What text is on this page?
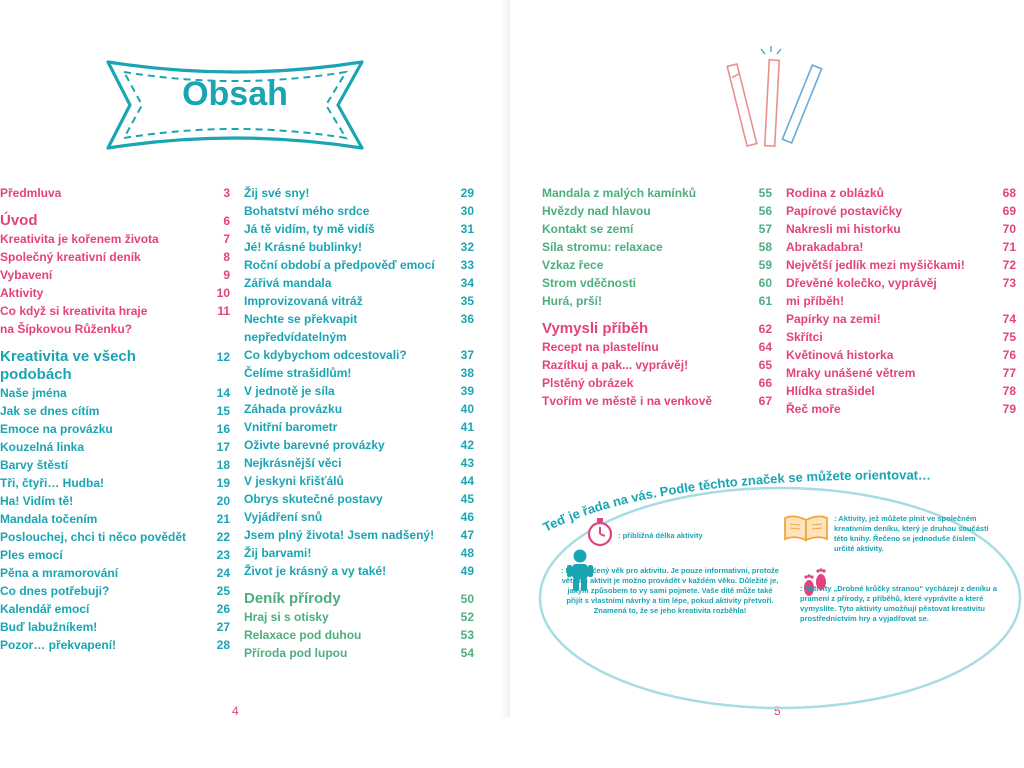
Obsah
Předmluva	3
Úvod	6
Kreativita je kořenem života	7
Společný kreativní deník	8
Vybavení	9
Aktivity	10
Co když si kreativita hraje
na Šípkovou Růženku?
11
Kreativita ve všech
podobách
12
Naše jména	14
Jak se dnes cítím	15
Emoce na provázku	16
Kouzelná linka	17
Barvy štěstí	18
Tři, čtyři… Hudba!	19
Ha! Vidím tě!	20
Mandala točením	21
Poslouchej, chci ti něco povědět	22
Ples emocí	23
Pěna a mramorování	24
Co dnes potřebuji?	25
Kalendář emocí	26
Buď labužníkem!	27
Pozor… překvapení!	28
Žij své sny!	29
Bohatství mého srdce	30
Já tě vidím, ty mě vidíš	31
Jé! Krásné bublinky!	32
Roční období a předpověď emocí	33
Zářivá mandala	34
Improvizovaná vitráž	35
Nechte se překvapit
nepředvídatelným
36
Co kdybychom odcestovali?	37
Čelíme strašidlům!	38
V jednotě je síla	39
Záhada provázku	40
Vnitřní barometr	41
Oživte barevné provázky	42
Nejkrásnější věci	43
V jeskyni křišťálů	44
Obrys skutečné postavy	45
Vyjádření snů	46
Jsem plný života! Jsem nadšený!	47
Žij barvami!	48
Život je krásný a vy také!	49
Deník přírody	50
Hraj si s otisky	52
Relaxace pod duhou	53
Příroda pod lupou	54
4
Mandala z malých kamínků	55
Hvězdy nad hlavou	56
Kontakt se zemí	57
Síla stromu: relaxace	58
Vzkaz řece	59
Strom vděčnosti	60
Hurá, prší!	61
Vymysli příběh	62
Recept na plastelínu	64
Razítkuj a pak... vyprávěj!	65
Plstěný obrázek	66
Tvořím ve městě i na venkově	67
Rodina z oblázků	68
Papírové postavičky	69
Nakresli mi historku	70
Abrakadabra!	71
Největší jedlík mezi myšičkami!	72
Dřevěné kolečko, vyprávěj
mi příběh!
73
Papírky na zemi!	74
Skřítci	75
Květinová historka	76
Mraky unášené větrem	77
Hlídka strašidel	78
Řeč moře	79
5
Teď je řada na vás. Podle těchto značek se můžete orientovat…
: přibližná délka aktivity
: Doporučený věk pro aktivitu. Je pouze informativní, protože většinu aktivit je možno provádět v každém věku. Důležité je, jakým způsobem to vy sami pojmete. Vaše dítě může také přijít s vlastními návrhy a tím lépe, pokud aktivity přetvoří. Znamená to, že se jeho kreativita rozběhla!
: Aktivity, jež můžete plnit ve společném kreativním deníku, který je druhou součástí této knihy. Řečeno se jednoduše číslem určité aktivity.
: Aktivity „Drobné krůčky stranou“ vycházejí z deníku a pramení z přírody, z příběhů, které vyprávíte a které vymyslíte. Tyto aktivity umožňují pěstovat kreativitu prostřednictvím hry a vyjadřovat se.
